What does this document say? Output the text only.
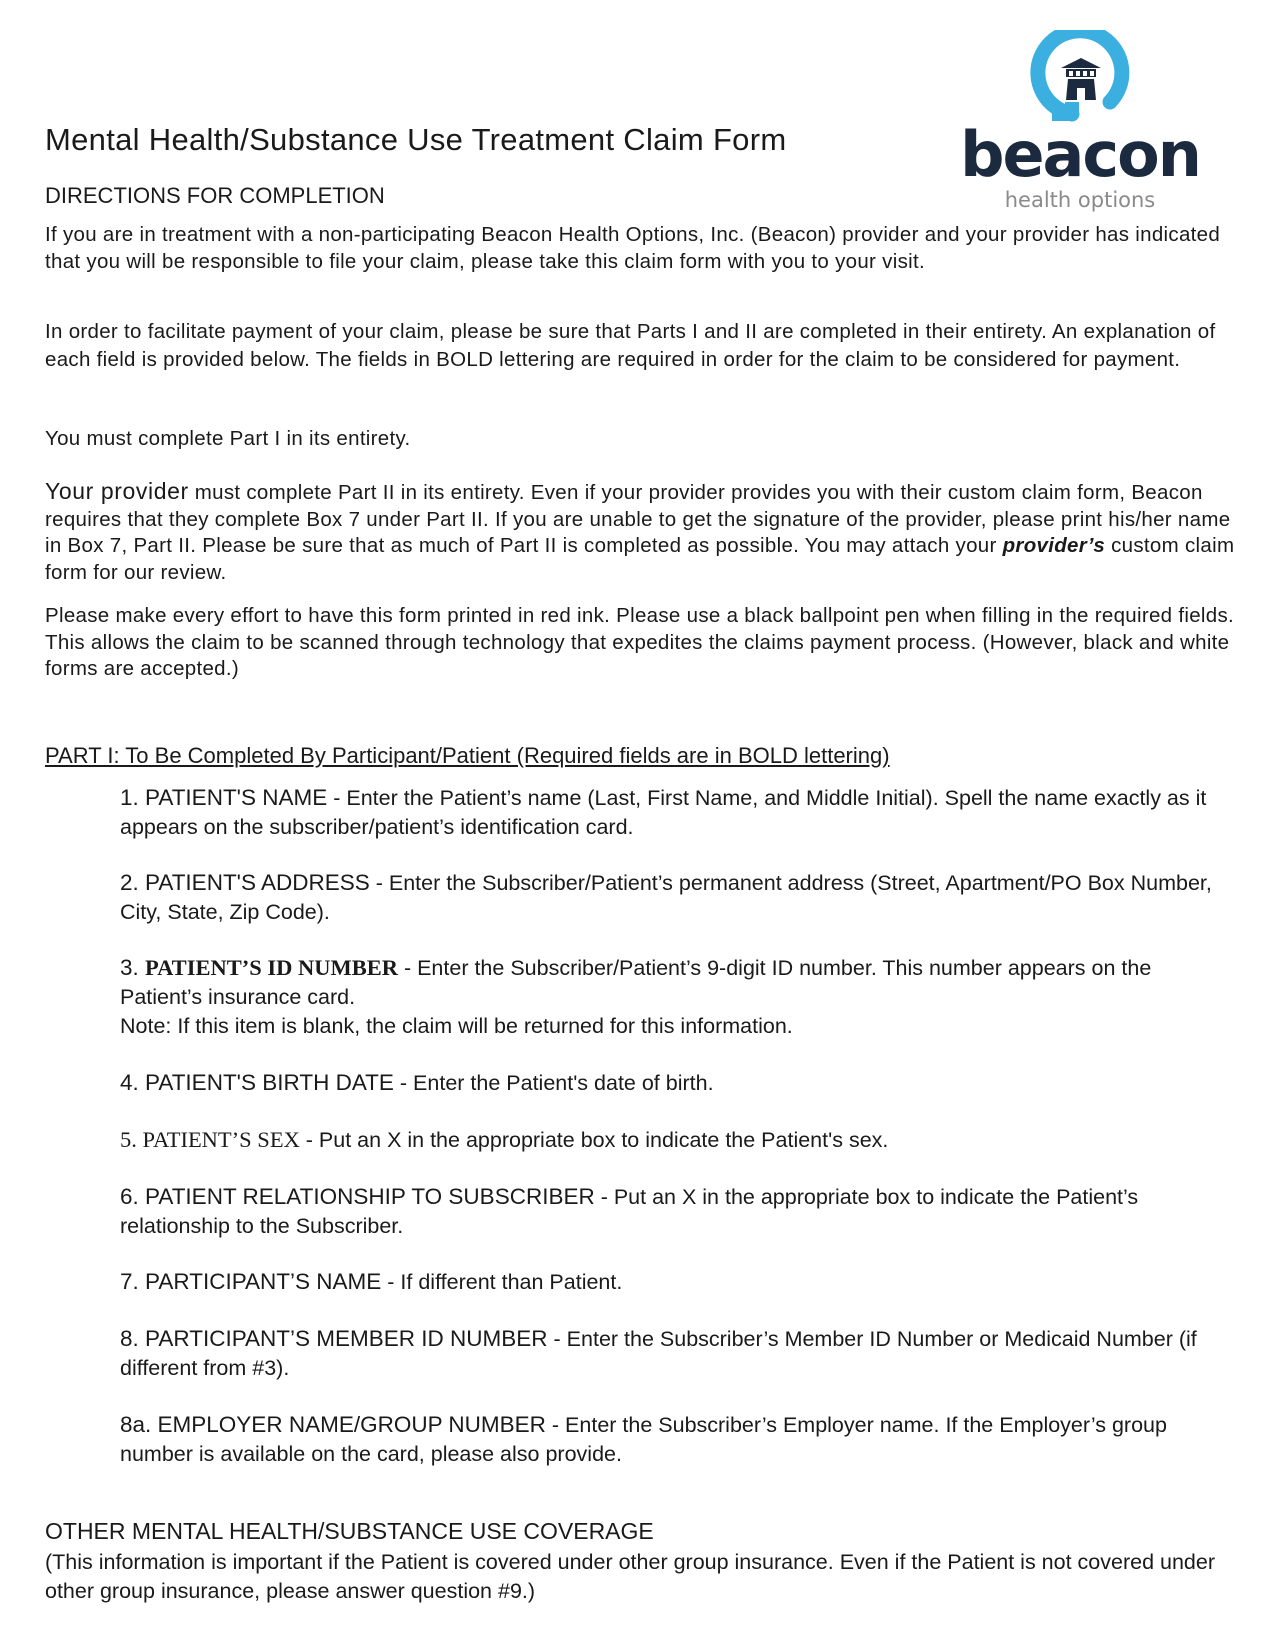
beacon
health options
Mental Health/Substance Use Treatment Claim Form
DIRECTIONS FOR COMPLETION
If you are in treatment with a non-participating Beacon Health Options, Inc. (Beacon) provider and your provider has indicated that you will be responsible to file your claim, please take this claim form with you to your visit.
In order to facilitate payment of your claim, please be sure that Parts I and II are completed in their entirety. An explanation of each field is provided below. The fields in BOLD lettering are required in order for the claim to be considered for payment.
You must complete Part I in its entirety.
Your provider must complete Part II in its entirety. Even if your provider provides you with their custom claim form, Beacon requires that they complete Box 7 under Part II. If you are unable to get the signature of the provider, please print his/her name in Box 7, Part II. Please be sure that as much of Part II is completed as possible. You may attach your provider’s custom claim form for our review.
Please make every effort to have this form printed in red ink. Please use a black ballpoint pen when filling in the required fields. This allows the claim to be scanned through technology that expedites the claims payment process. (However, black and white forms are accepted.)
PART I: To Be Completed By Participant/Patient (Required fields are in BOLD lettering)
1. PATIENT'S NAME - Enter the Patient’s name (Last, First Name, and Middle Initial). Spell the name exactly as it appears on the subscriber/patient’s identification card.
2. PATIENT'S ADDRESS - Enter the Subscriber/Patient’s permanent address (Street, Apartment/PO Box Number, City, State, Zip Code).
3. PATIENT’S ID NUMBER - Enter the Subscriber/Patient’s 9-digit ID number. This number appears on the Patient’s insurance card.
Note: If this item is blank, the claim will be returned for this information.
4. PATIENT'S BIRTH DATE - Enter the Patient's date of birth.
5. PATIENT’S SEX - Put an X in the appropriate box to indicate the Patient's sex.
6. PATIENT RELATIONSHIP TO SUBSCRIBER - Put an X in the appropriate box to indicate the Patient’s relationship to the Subscriber.
7. PARTICIPANT’S NAME - If different than Patient.
8. PARTICIPANT’S MEMBER ID NUMBER - Enter the Subscriber’s Member ID Number or Medicaid Number (if different from #3).
8a. EMPLOYER NAME/GROUP NUMBER - Enter the Subscriber’s Employer name. If the Employer’s group number is available on the card, please also provide.
OTHER MENTAL HEALTH/SUBSTANCE USE COVERAGE
(This information is important if the Patient is covered under other group insurance. Even if the Patient is not covered under other group insurance, please answer question #9.)
